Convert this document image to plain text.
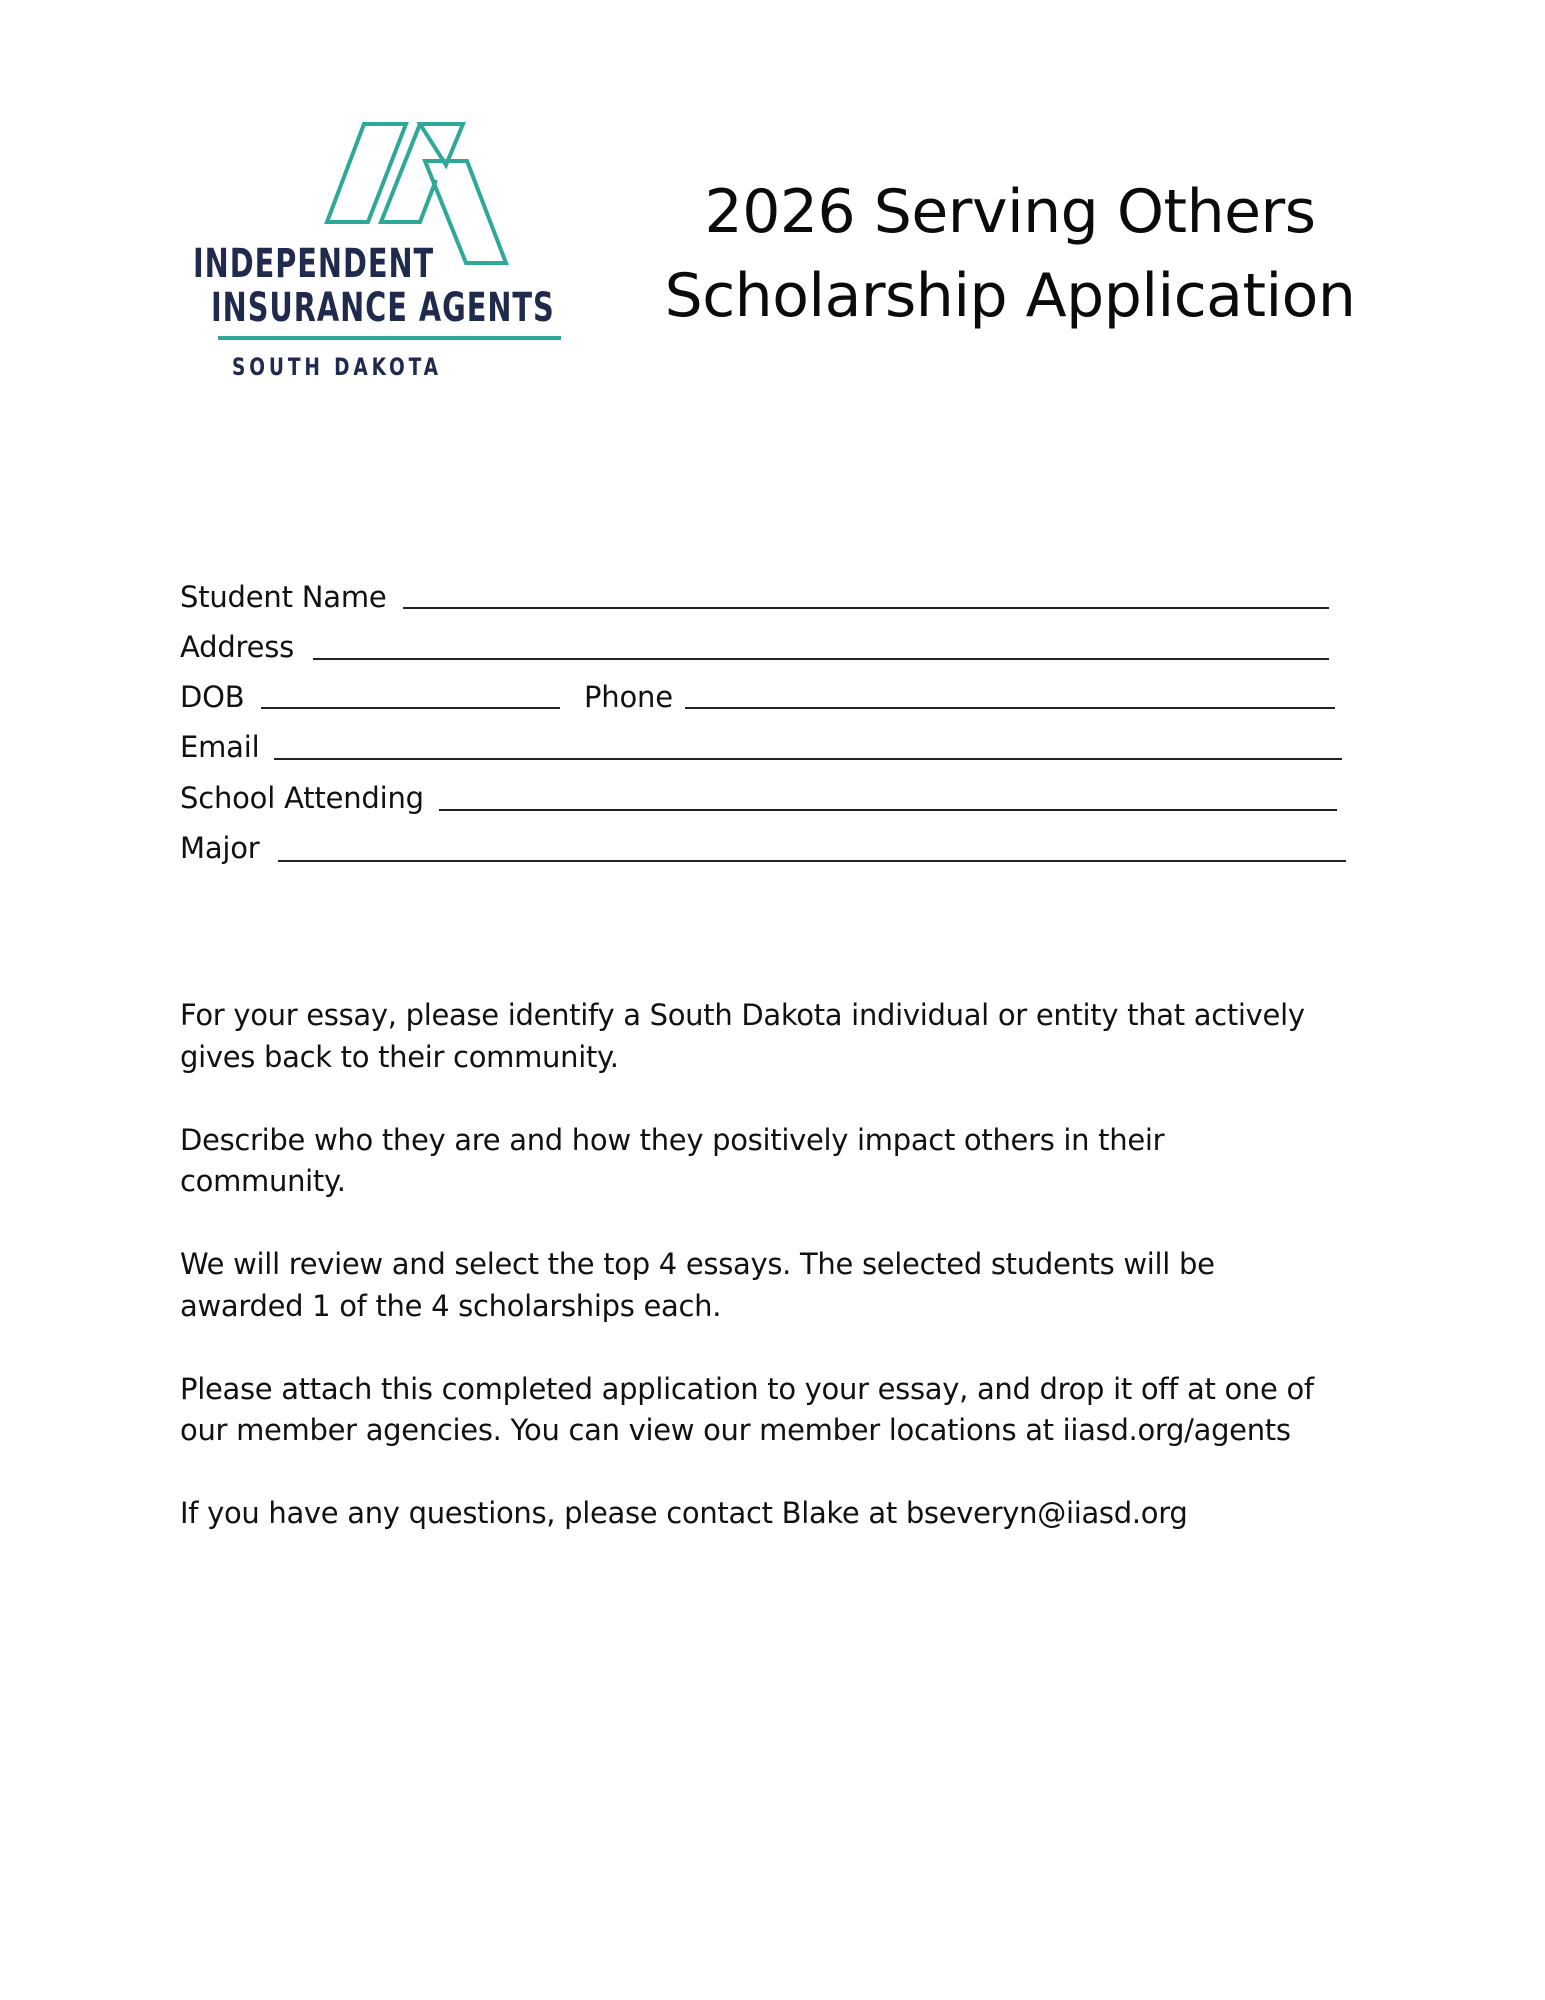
INDEPENDENT
INSURANCE AGENTS
SOUTH DAKOTA
2026 Serving Others
Scholarship Application
Student Name
Address
DOB	Phone
Email
School Attending
Major

For your essay, please identify a South Dakota individual or entity that actively
gives back to their community.

Describe who they are and how they positively impact others in their
community.

We will review and select the top 4 essays. The selected students will be
awarded 1 of the 4 scholarships each.

Please attach this completed application to your essay, and drop it off at one of
our member agencies. You can view our member locations at iiasd.org/agents

If you have any questions, please contact Blake at bseveryn@iiasd.org
